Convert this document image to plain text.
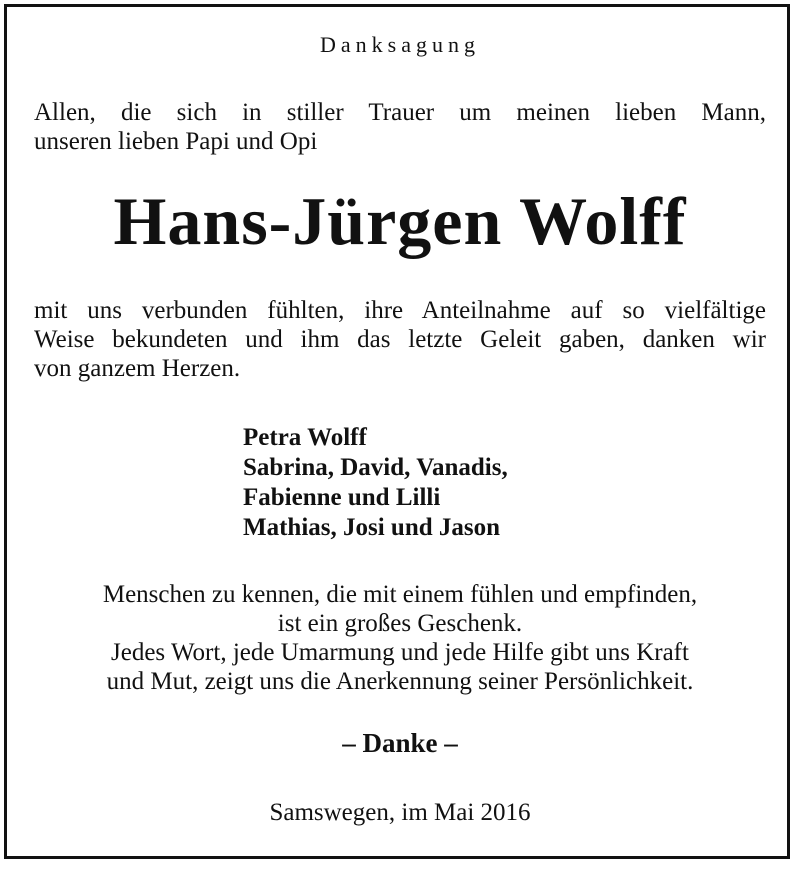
Danksagung
Allen, die sich in stiller Trauer um meinen lieben Mann,
unseren lieben Papi und Opi
Hans-Jürgen Wolff
mit uns verbunden fühlten, ihre Anteilnahme auf so vielfältige
Weise bekundeten und ihm das letzte Geleit gaben, danken wir
von ganzem Herzen.
Petra Wolff
Sabrina, David, Vanadis,
Fabienne und Lilli
Mathias, Josi und Jason
Menschen zu kennen, die mit einem fühlen und empfinden,
ist ein großes Geschenk.
Jedes Wort, jede Umarmung und jede Hilfe gibt uns Kraft
und Mut, zeigt uns die Anerkennung seiner Persönlichkeit.
– Danke –
Samswegen, im Mai 2016
